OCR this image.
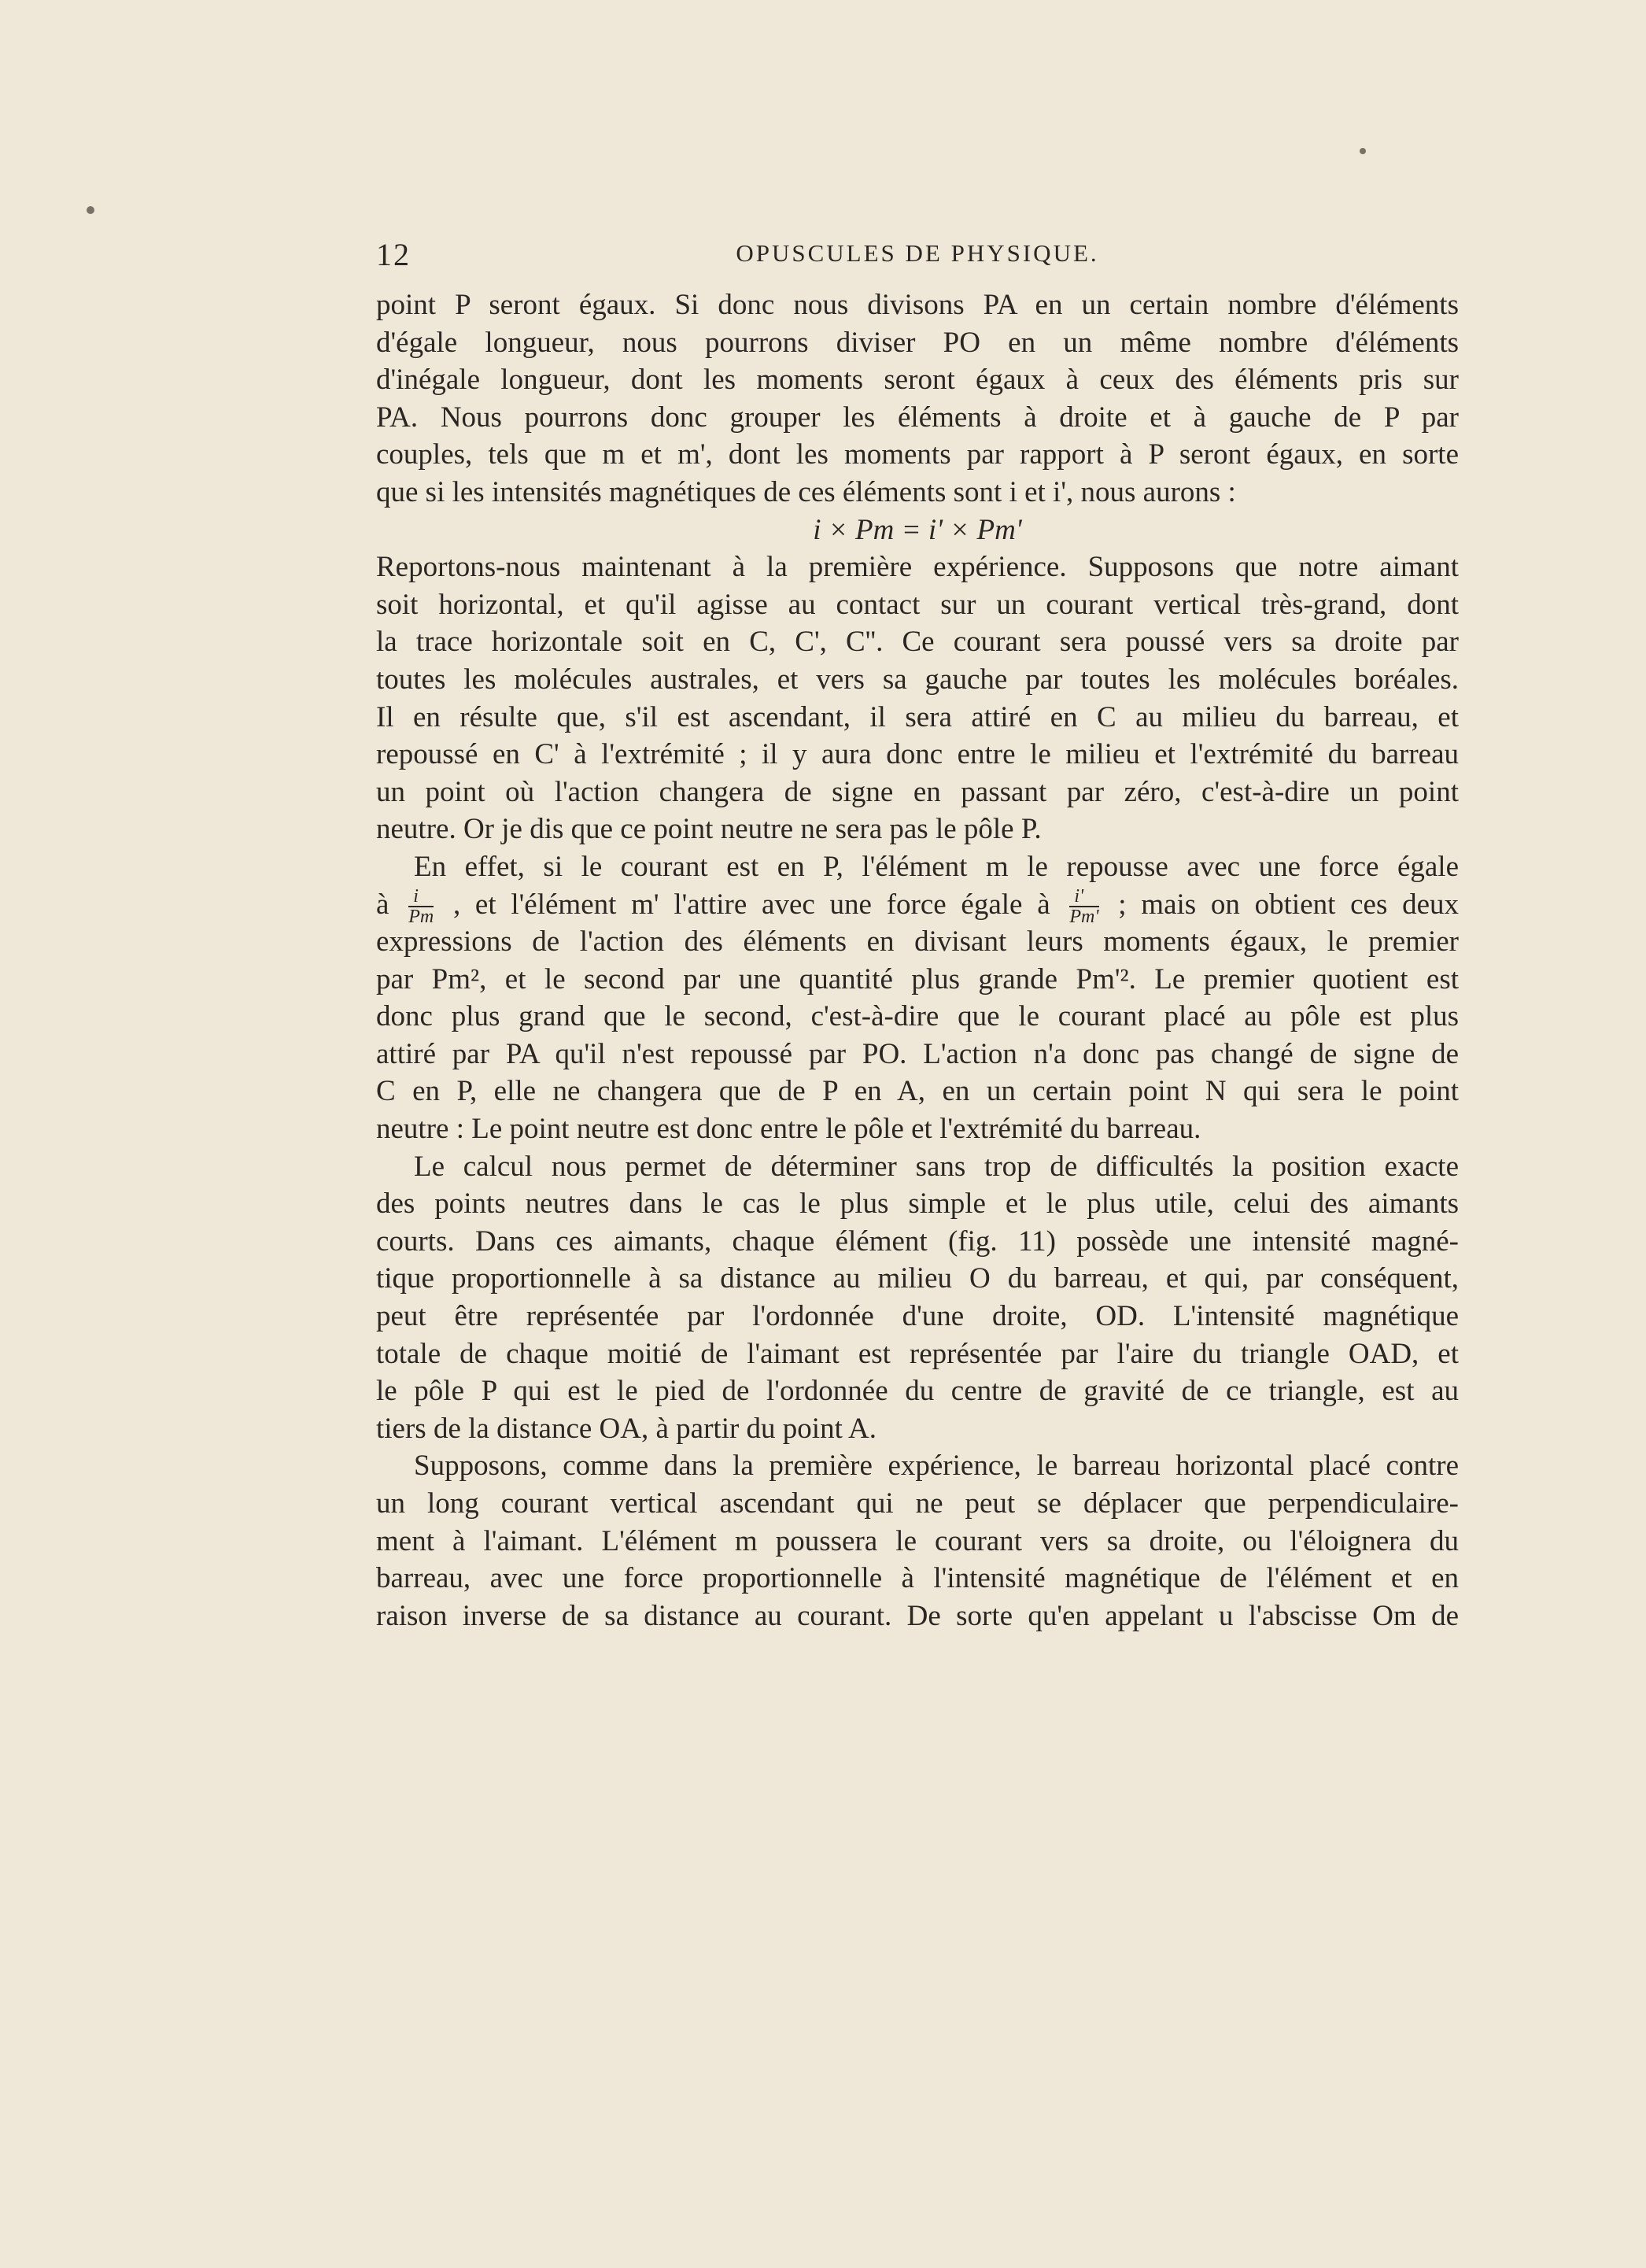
12	OPUSCULES DE PHYSIQUE.
point P seront égaux. Si donc nous divisons PA en un certain nombre d'éléments
d'égale longueur, nous pourrons diviser PO en un même nombre d'éléments
d'inégale longueur, dont les moments seront égaux à ceux des éléments pris sur
PA. Nous pourrons donc grouper les éléments à droite et à gauche de P par
couples, tels que m et m', dont les moments par rapport à P seront égaux, en sorte
que si les intensités magnétiques de ces éléments sont i et i', nous aurons :
i × Pm = i' × Pm'
Reportons-nous maintenant à la première expérience. Supposons que notre aimant
soit horizontal, et qu'il agisse au contact sur un courant vertical très-grand, dont
la trace horizontale soit en C, C', C''. Ce courant sera poussé vers sa droite par
toutes les molécules australes, et vers sa gauche par toutes les molécules boréales.
Il en résulte que, s'il est ascendant, il sera attiré en C au milieu du barreau, et
repoussé en C' à l'extrémité ; il y aura donc entre le milieu et l'extrémité du barreau
un point où l'action changera de signe en passant par zéro, c'est-à-dire un point
neutre. Or je dis que ce point neutre ne sera pas le pôle P.
En effet, si le courant est en P, l'élément m le repousse avec une force égale
à $\frac{i}{Pm}$ , et l'élément m' l'attire avec une force égale à $\frac{i'}{Pm'}$ ; mais on obtient ces deux
expressions de l'action des éléments en divisant leurs moments égaux, le premier
par Pm², et le second par une quantité plus grande Pm'². Le premier quotient est
donc plus grand que le second, c'est-à-dire que le courant placé au pôle est plus
attiré par PA qu'il n'est repoussé par PO. L'action n'a donc pas changé de signe de
C en P, elle ne changera que de P en A, en un certain point N qui sera le point
neutre : Le point neutre est donc entre le pôle et l'extrémité du barreau.
Le calcul nous permet de déterminer sans trop de difficultés la position exacte
des points neutres dans le cas le plus simple et le plus utile, celui des aimants
courts. Dans ces aimants, chaque élément (fig. 11) possède une intensité magné-
tique proportionnelle à sa distance au milieu O du barreau, et qui, par conséquent,
peut être représentée par l'ordonnée d'une droite, OD. L'intensité magnétique
totale de chaque moitié de l'aimant est représentée par l'aire du triangle OAD, et
le pôle P qui est le pied de l'ordonnée du centre de gravité de ce triangle, est au
tiers de la distance OA, à partir du point A.
Supposons, comme dans la première expérience, le barreau horizontal placé contre
un long courant vertical ascendant qui ne peut se déplacer que perpendiculaire-
ment à l'aimant. L'élément m poussera le courant vers sa droite, ou l'éloignera du
barreau, avec une force proportionnelle à l'intensité magnétique de l'élément et en
raison inverse de sa distance au courant. De sorte qu'en appelant u l'abscisse Om de
